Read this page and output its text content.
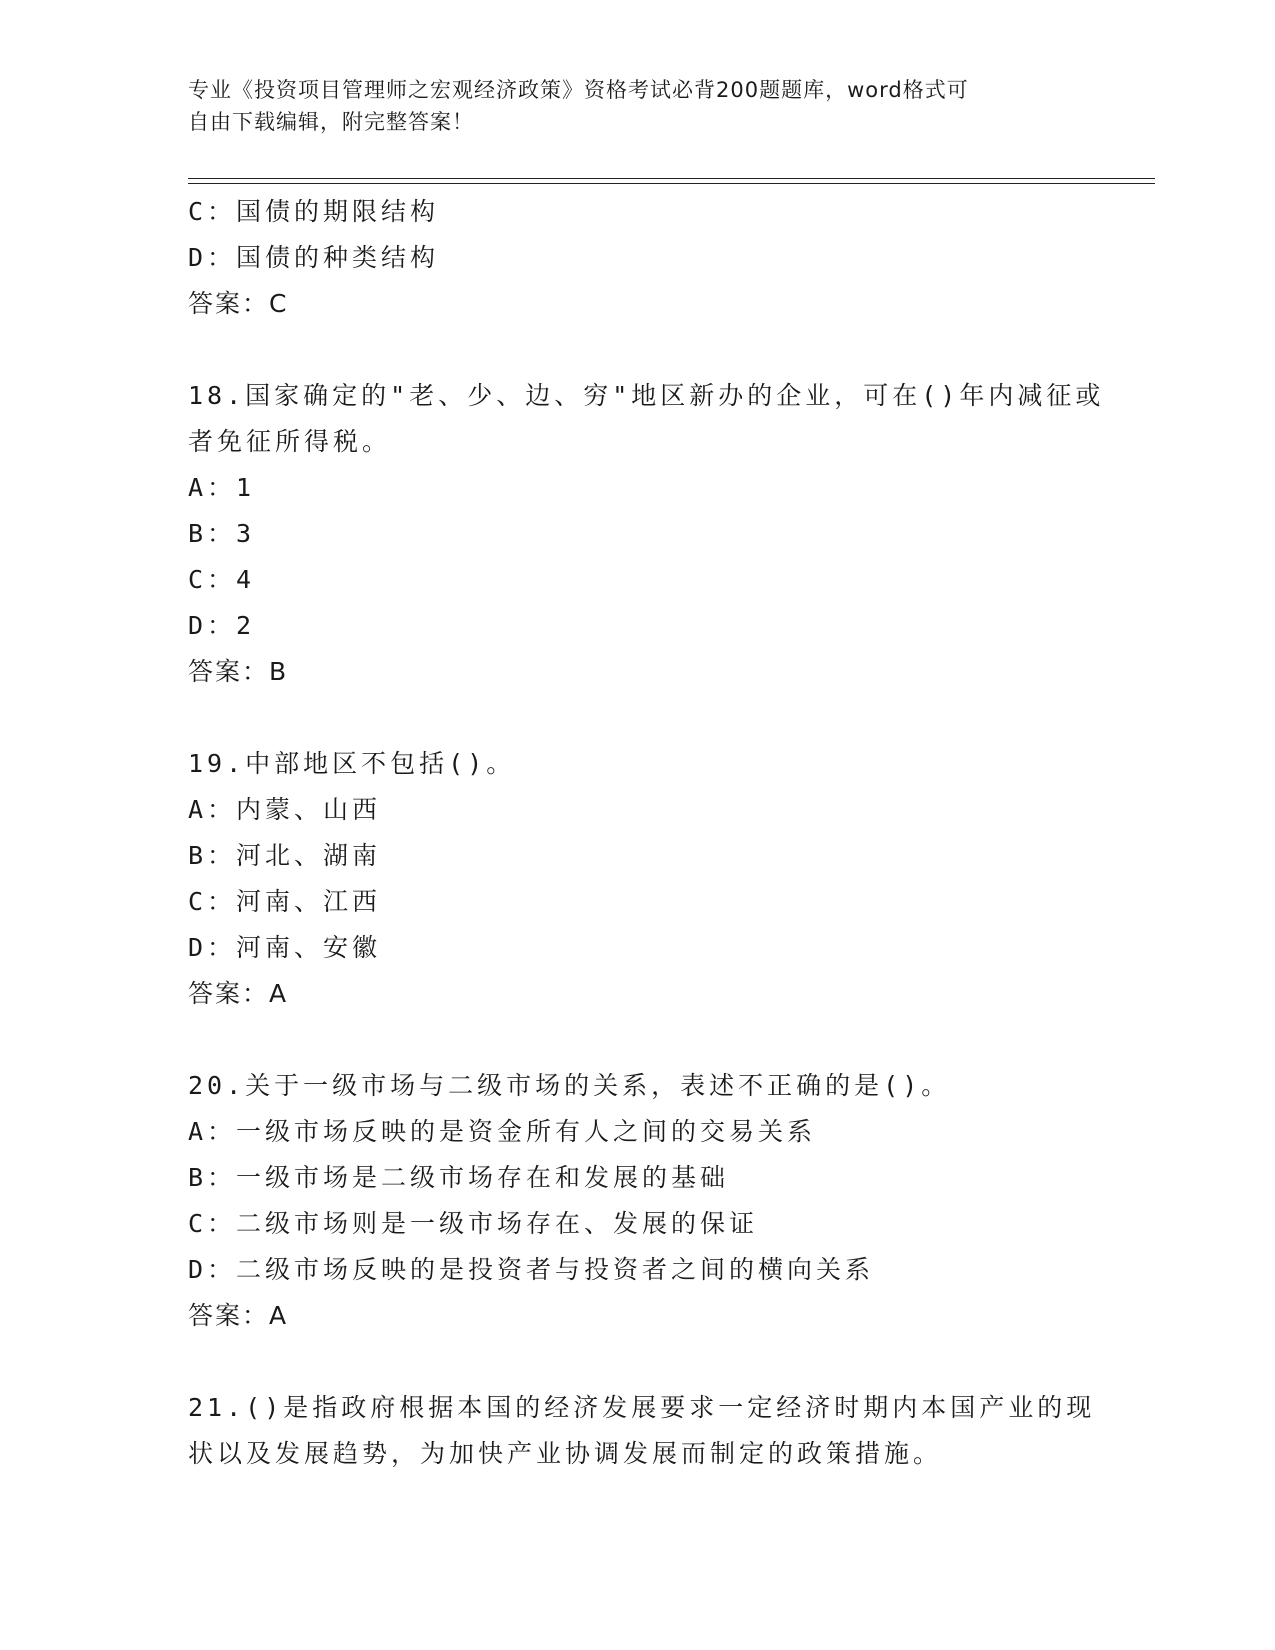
专业《投资项目管理师之宏观经济政策》资格考试必背200题题库，word格式可
自由下载编辑，附完整答案！
C：国债的期限结构
D：国债的种类结构
答案：C
18.国家确定的"老、少、边、穷"地区新办的企业，可在()年内减征或
者免征所得税。
A：1
B：3
C：4
D：2
答案：B
19.中部地区不包括()。
A：内蒙、山西
B：河北、湖南
C：河南、江西
D：河南、安徽
答案：A
20.关于一级市场与二级市场的关系，表述不正确的是()。
A：一级市场反映的是资金所有人之间的交易关系
B：一级市场是二级市场存在和发展的基础
C：二级市场则是一级市场存在、发展的保证
D：二级市场反映的是投资者与投资者之间的横向关系
答案：A
21.()是指政府根据本国的经济发展要求一定经济时期内本国产业的现
状以及发展趋势，为加快产业协调发展而制定的政策措施。
